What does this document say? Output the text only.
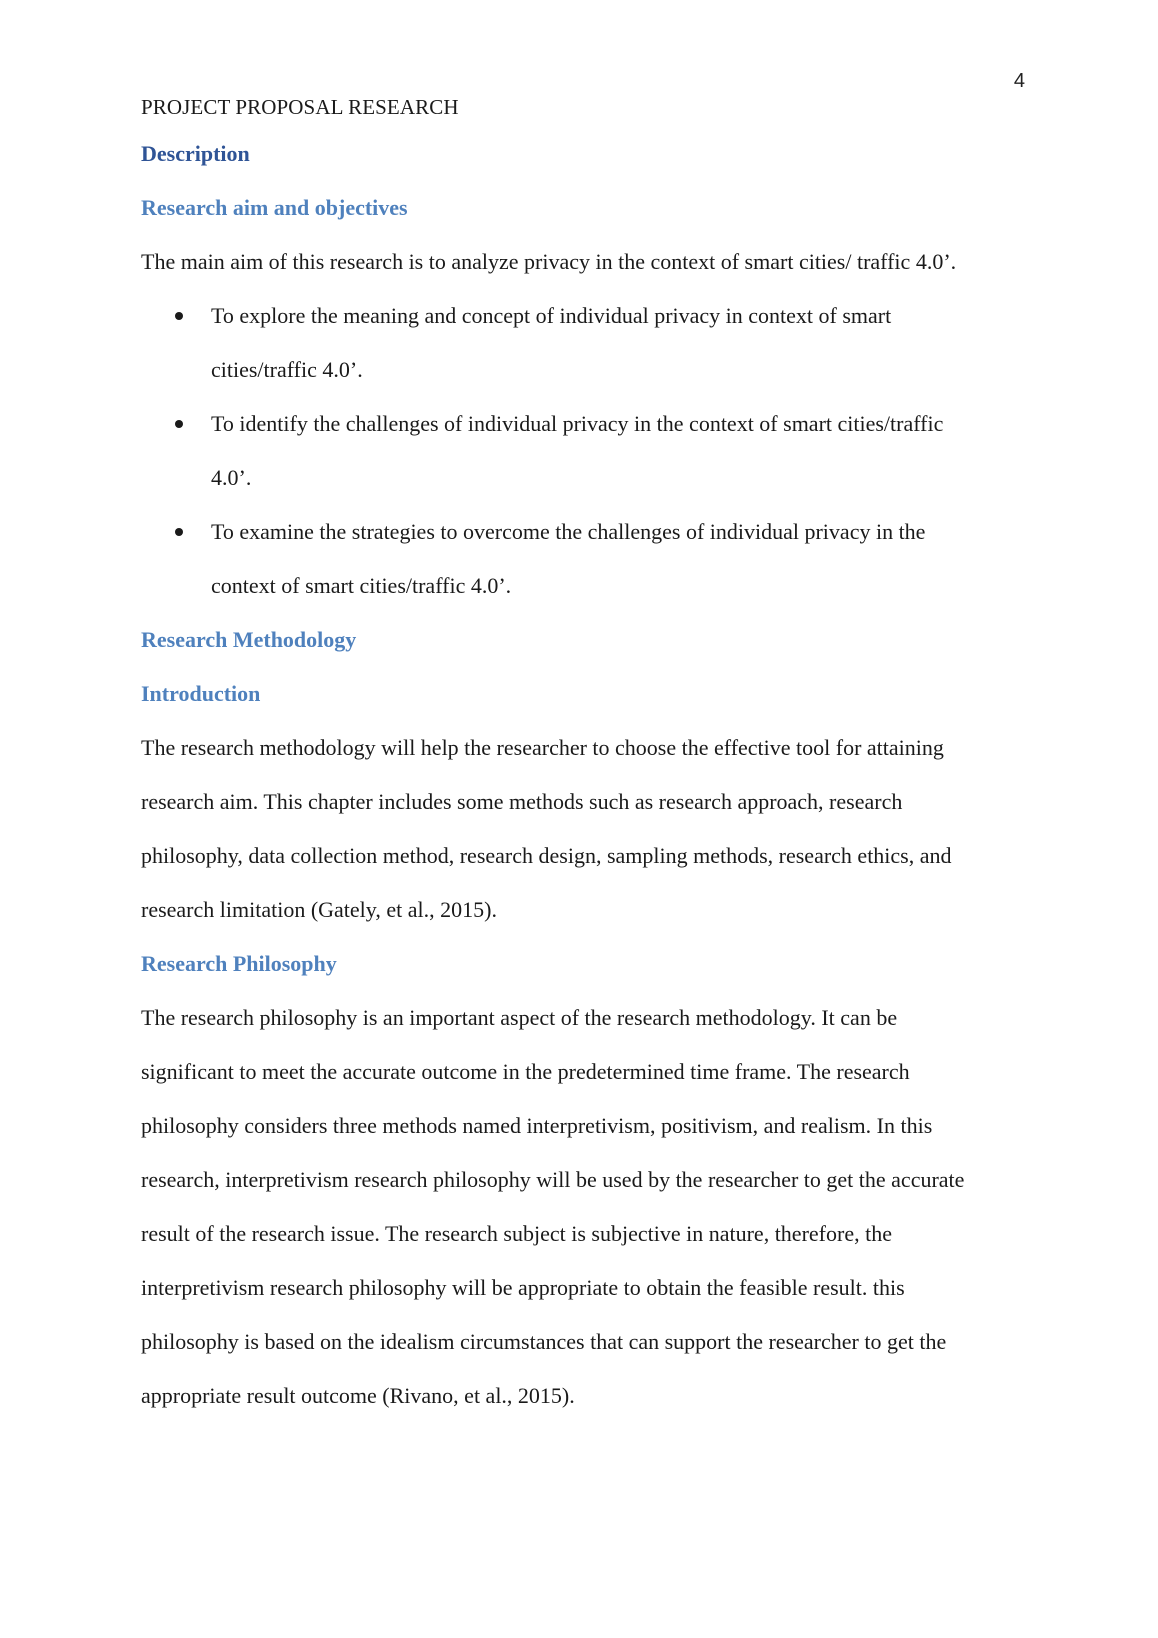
4
PROJECT PROPOSAL RESEARCH
Description
Research aim and objectives
The main aim of this research is to analyze privacy in the context of smart cities/ traffic 4.0’.
To explore the meaning and concept of individual privacy in context of smart
cities/traffic 4.0’.
To identify the challenges of individual privacy in the context of smart cities/traffic
4.0’.
To examine the strategies to overcome the challenges of individual privacy in the
context of smart cities/traffic 4.0’.
Research Methodology
Introduction
The research methodology will help the researcher to choose the effective tool for attaining
research aim. This chapter includes some methods such as research approach, research
philosophy, data collection method, research design, sampling methods, research ethics, and
research limitation (Gately, et al., 2015).
Research Philosophy
The research philosophy is an important aspect of the research methodology. It can be
significant to meet the accurate outcome in the predetermined time frame. The research
philosophy considers three methods named interpretivism, positivism, and realism. In this
research, interpretivism research philosophy will be used by the researcher to get the accurate
result of the research issue. The research subject is subjective in nature, therefore, the
interpretivism research philosophy will be appropriate to obtain the feasible result. this
philosophy is based on the idealism circumstances that can support the researcher to get the
appropriate result outcome (Rivano, et al., 2015).
